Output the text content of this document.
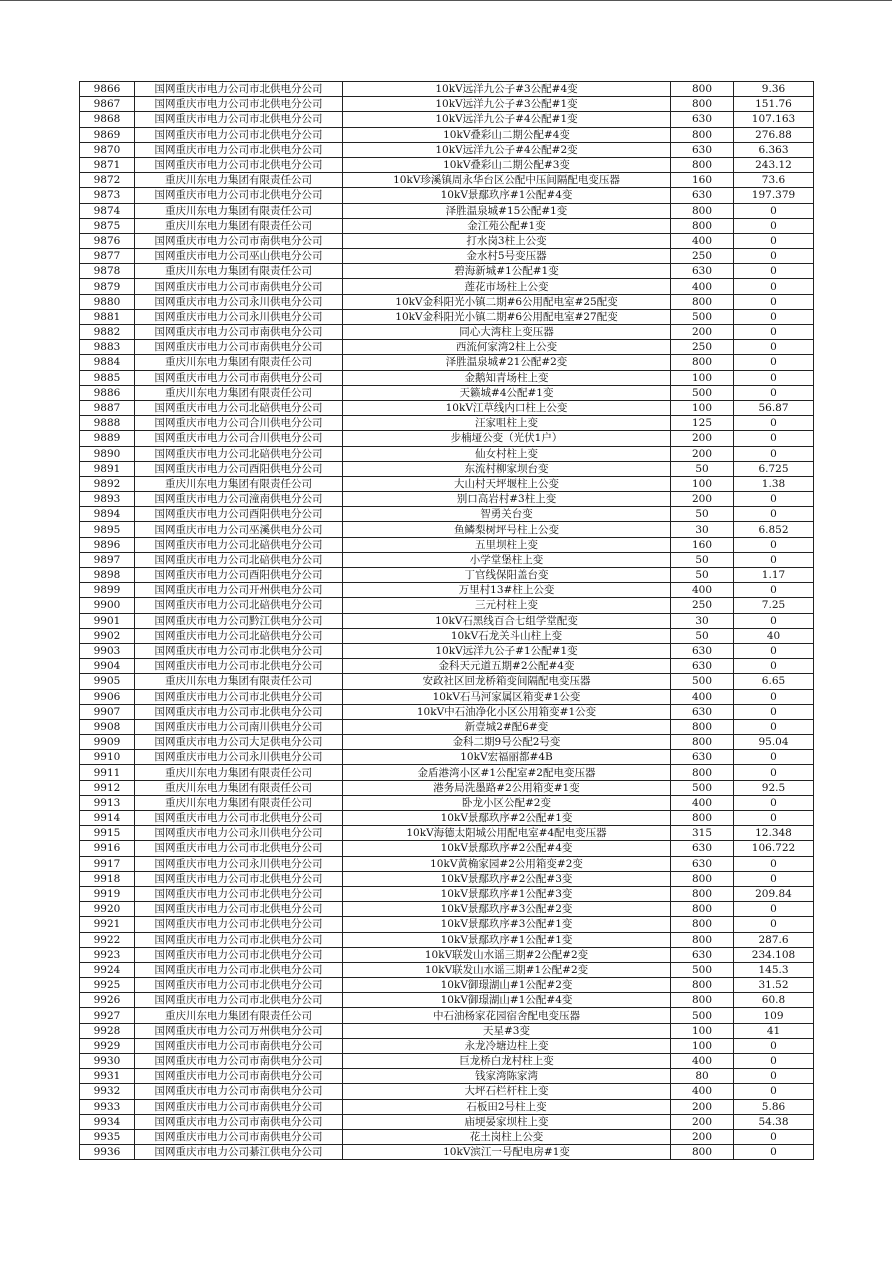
9866	国网重庆市电力公司市北供电分公司	10kV远洋九公子#3公配#4变	800	9.36
9867	国网重庆市电力公司市北供电分公司	10kV远洋九公子#3公配#1变	800	151.76
9868	国网重庆市电力公司市北供电分公司	10kV远洋九公子#4公配#1变	630	107.163
9869	国网重庆市电力公司市北供电分公司	10kV叠彩山二期公配#4变	800	276.88
9870	国网重庆市电力公司市北供电分公司	10kV远洋九公子#4公配#2变	630	6.363
9871	国网重庆市电力公司市北供电分公司	10kV叠彩山二期公配#3变	800	243.12
9872	重庆川东电力集团有限责任公司	10kV珍溪镇周永华台区公配中压间隔配电变压器	160	73.6
9873	国网重庆市电力公司市北供电分公司	10kV景鄢玖序#1公配#4变	630	197.379
9874	重庆川东电力集团有限责任公司	泽胜温泉城#15公配#1变	800	0
9875	重庆川东电力集团有限责任公司	金江苑公配#1变	800	0
9876	国网重庆市电力公司市南供电分公司	打水岗3柱上公变	400	0
9877	国网重庆市电力公司巫山供电分公司	金水村5号变压器	250	0
9878	重庆川东电力集团有限责任公司	碧海新城#1公配#1变	630	0
9879	国网重庆市电力公司市南供电分公司	莲花市场柱上公变	400	0
9880	国网重庆市电力公司永川供电分公司	10kV金科阳光小镇二期#6公用配电室#25配变	800	0
9881	国网重庆市电力公司永川供电分公司	10kV金科阳光小镇二期#6公用配电室#27配变	500	0
9882	国网重庆市电力公司市南供电分公司	同心大湾柱上变压器	200	0
9883	国网重庆市电力公司市南供电分公司	西流何家湾2柱上公变	250	0
9884	重庆川东电力集团有限责任公司	泽胜温泉城#21公配#2变	800	0
9885	国网重庆市电力公司市南供电分公司	金鹅知青场柱上变	100	0
9886	重庆川东电力集团有限责任公司	天籁城#4公配#1变	500	0
9887	国网重庆市电力公司北碚供电分公司	10kV江草线内口柱上公变	100	56.87
9888	国网重庆市电力公司合川供电分公司	汪家咀柱上变	125	0
9889	国网重庆市电力公司合川供电分公司	步楠垭公变（光伏1户）	200	0
9890	国网重庆市电力公司北碚供电分公司	仙女村柱上变	200	0
9891	国网重庆市电力公司酉阳供电分公司	东流村柳家坝台变	50	6.725
9892	重庆川东电力集团有限责任公司	大山村天坪堰柱上公变	100	1.38
9893	国网重庆市电力公司潼南供电分公司	别口高岩村#3柱上变	200	0
9894	国网重庆市电力公司酉阳供电分公司	智勇关台变	50	0
9895	国网重庆市电力公司巫溪供电分公司	鱼鳞梨树坪号柱上公变	30	6.852
9896	国网重庆市电力公司北碚供电分公司	五里坝柱上变	160	0
9897	国网重庆市电力公司北碚供电分公司	小学堂堡柱上变	50	0
9898	国网重庆市电力公司酉阳供电分公司	丁官线保阳盖台变	50	1.17
9899	国网重庆市电力公司开州供电分公司	万里村13#柱上公变	400	0
9900	国网重庆市电力公司北碚供电分公司	三元村柱上变	250	7.25
9901	国网重庆市电力公司黔江供电分公司	10kV石黑线百合七组学堂配变	30	0
9902	国网重庆市电力公司北碚供电分公司	10kV石龙关斗山柱上变	50	40
9903	国网重庆市电力公司市北供电分公司	10kV远洋九公子#1公配#1变	630	0
9904	国网重庆市电力公司市北供电分公司	金科天元道五期#2公配#4变	630	0
9905	重庆川东电力集团有限责任公司	安政社区回龙桥箱变间隔配电变压器	500	6.65
9906	国网重庆市电力公司市北供电分公司	10kV石马河家属区箱变#1公变	400	0
9907	国网重庆市电力公司市北供电分公司	10kV中石油净化小区公用箱变#1公变	630	0
9908	国网重庆市电力公司南川供电分公司	新壹城2#配6#变	800	0
9909	国网重庆市电力公司大足供电分公司	金科二期9号公配2号变	800	95.04
9910	国网重庆市电力公司永川供电分公司	10kV宏福丽都#4B	630	0
9911	重庆川东电力集团有限责任公司	金盾港湾小区#1公配室#2配电变压器	800	0
9912	重庆川东电力集团有限责任公司	港务局洗墨路#2公用箱变#1变	500	92.5
9913	重庆川东电力集团有限责任公司	卧龙小区公配#2变	400	0
9914	国网重庆市电力公司市北供电分公司	10kV景鄢玖序#2公配#1变	800	0
9915	国网重庆市电力公司永川供电分公司	10kV海德太阳城公用配电室#4配电变压器	315	12.348
9916	国网重庆市电力公司市北供电分公司	10kV景鄢玖序#2公配#4变	630	106.722
9917	国网重庆市电力公司永川供电分公司	10kV黄桷家园#2公用箱变#2变	630	0
9918	国网重庆市电力公司市北供电分公司	10kV景鄢玖序#2公配#3变	800	0
9919	国网重庆市电力公司市北供电分公司	10kV景鄢玖序#1公配#3变	800	209.84
9920	国网重庆市电力公司市北供电分公司	10kV景鄢玖序#3公配#2变	800	0
9921	国网重庆市电力公司市北供电分公司	10kV景鄢玖序#3公配#1变	800	0
9922	国网重庆市电力公司市北供电分公司	10kV景鄢玖序#1公配#1变	800	287.6
9923	国网重庆市电力公司市北供电分公司	10kV联发山水谣三期#2公配#2变	630	234.108
9924	国网重庆市电力公司市北供电分公司	10kV联发山水谣三期#1公配#2变	500	145.3
9925	国网重庆市电力公司市北供电分公司	10kV御璟湖山#1公配#2变	800	31.52
9926	国网重庆市电力公司市北供电分公司	10kV御璟湖山#1公配#4变	800	60.8
9927	重庆川东电力集团有限责任公司	中石油杨家花园宿舍配电变压器	500	109
9928	国网重庆市电力公司万州供电分公司	天星#3变	100	41
9929	国网重庆市电力公司市南供电分公司	永龙冷塘边柱上变	100	0
9930	国网重庆市电力公司市南供电分公司	巨龙桥白龙村柱上变	400	0
9931	国网重庆市电力公司市南供电分公司	钱家湾陈家湾	80	0
9932	国网重庆市电力公司市南供电分公司	大坪石栏杆柱上变	400	0
9933	国网重庆市电力公司市南供电分公司	石板田2号柱上变	200	5.86
9934	国网重庆市电力公司市南供电分公司	庙埂晏家坝柱上变	200	54.38
9935	国网重庆市电力公司市南供电分公司	花土岗柱上公变	200	0
9936	国网重庆市电力公司綦江供电分公司	10kV滨江一号配电房#1变	800	0
